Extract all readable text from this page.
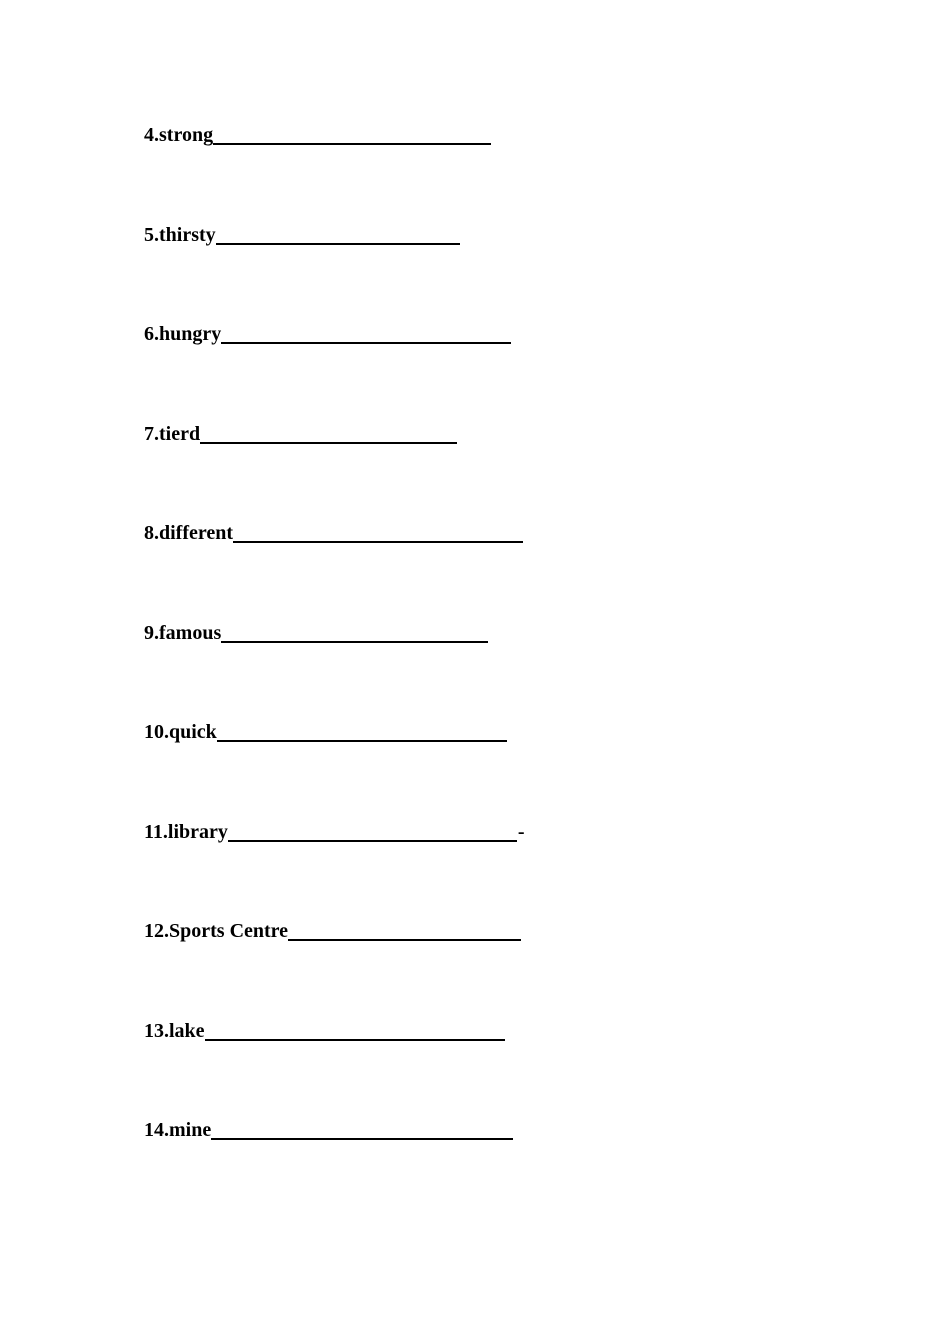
4.strong
5.thirsty
6.hungry
7.tierd
8.different
9.famous
10.quick
11.library	-
12.Sports Centre
13.lake
14.mine
